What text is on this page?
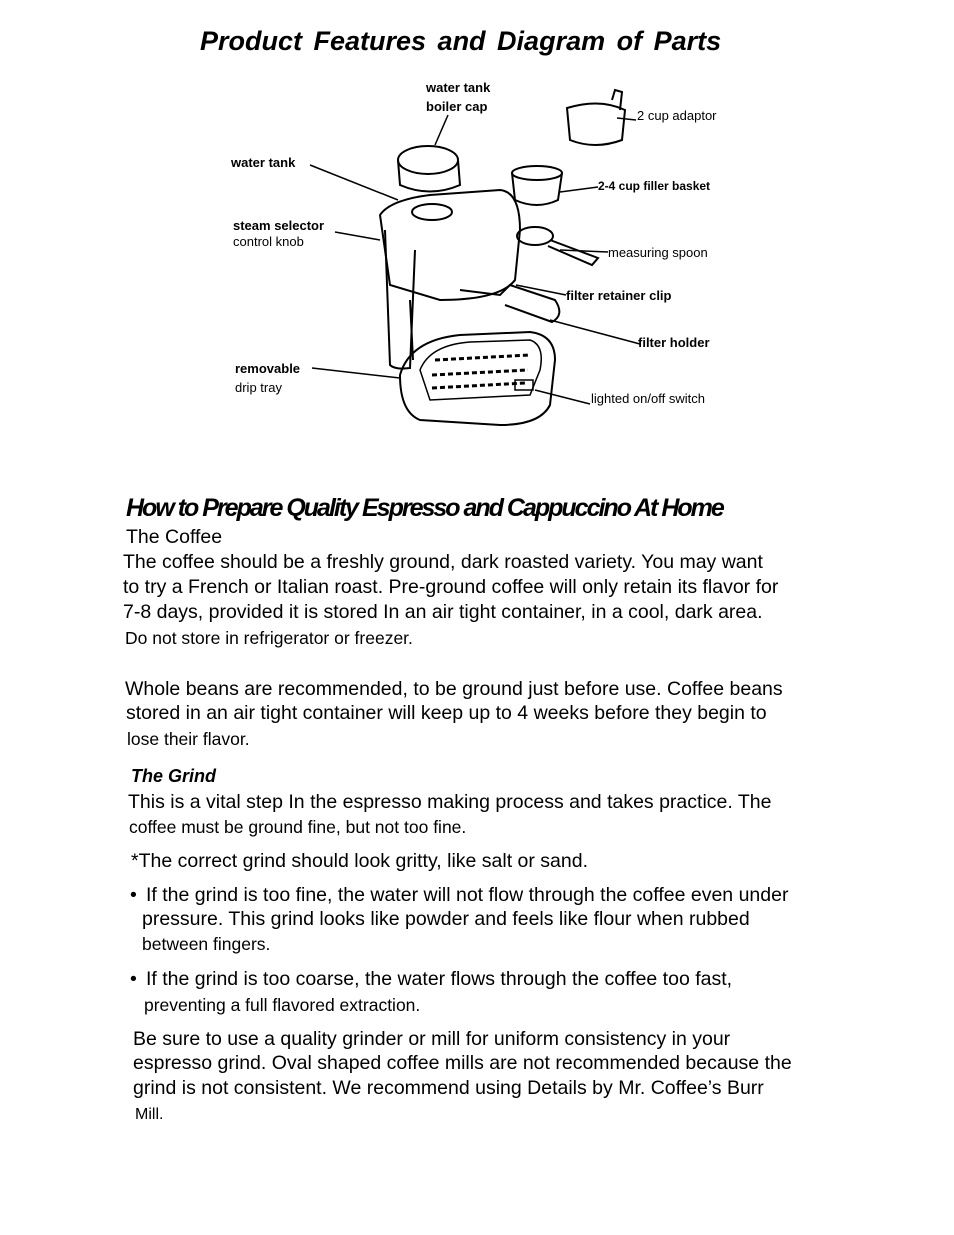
Product Features and Diagram of Parts
water tank
boiler cap
2 cup adaptor
water tank
2-4 cup filler basket
steam selector
control knob
measuring spoon
filter retainer clip
filter holder
removable
drip tray
lighted on/off switch
How to Prepare Quality Espresso and Cappuccino At Home
The Coffee
The coffee should be a freshly ground, dark roasted variety. You may want
to try a French or Italian roast. Pre-ground coffee will only retain its flavor for
7-8 days, provided it is stored In an air tight container, in a cool, dark area.
Do not store in refrigerator or freezer.
Whole beans are recommended, to be ground just before use. Coffee beans
stored in an air tight container will keep up to 4 weeks before they begin to
lose their flavor.
The Grind
This is a vital step In the espresso making process and takes practice. The
coffee must be ground fine, but not too fine.
*The correct grind should look gritty, like salt or sand.
• If the grind is too fine, the water will not flow through the coffee even under
pressure. This grind looks like powder and feels like flour when rubbed
between fingers.
• If the grind is too coarse, the water flows through the coffee too fast,
preventing a full flavored extraction.
Be sure to use a quality grinder or mill for uniform consistency in your
espresso grind. Oval shaped coffee mills are not recommended because the
grind is not consistent. We recommend using Details by Mr. Coffee’s Burr
Mill.
